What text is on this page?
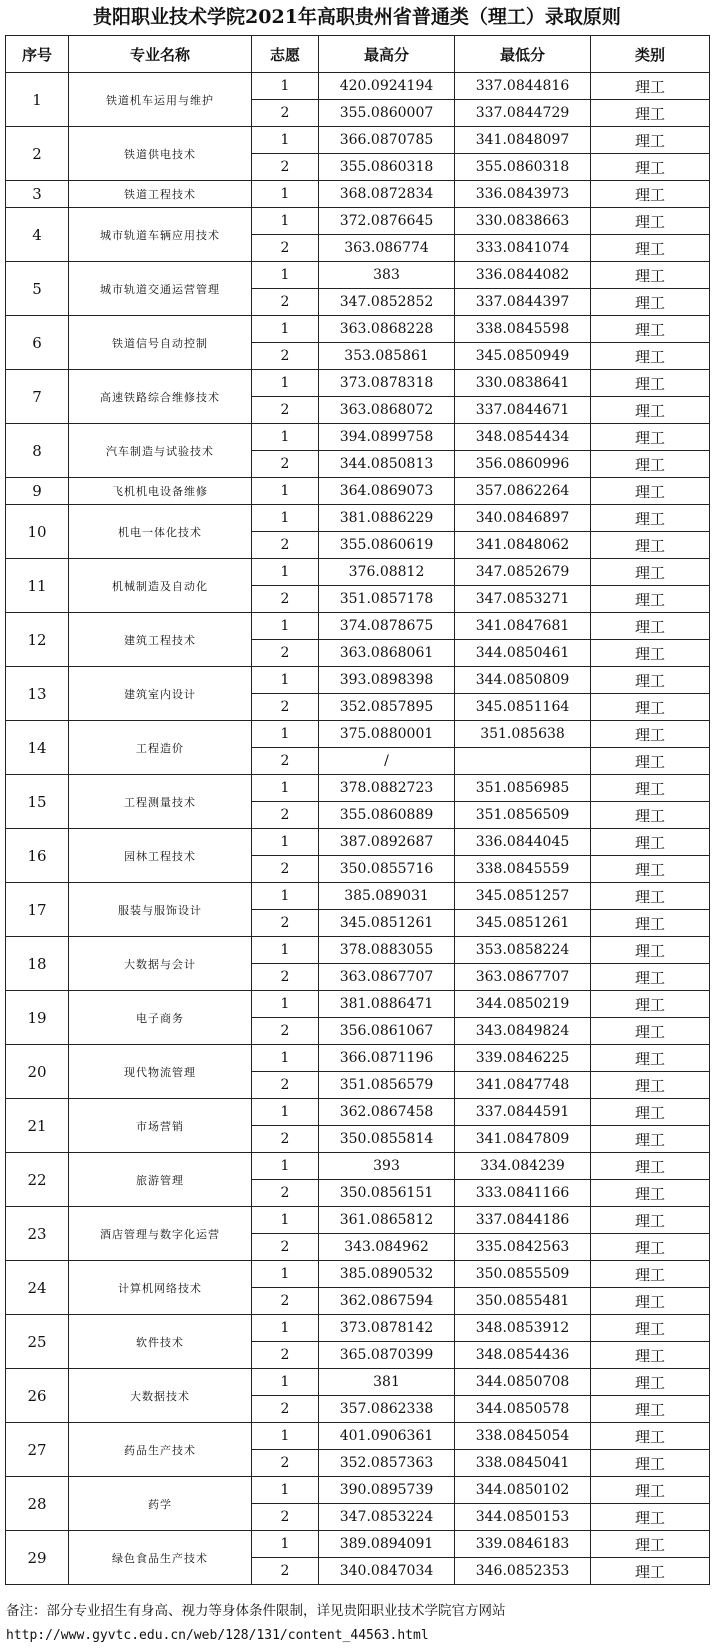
贵阳职业技术学院2021年高职贵州省普通类（理工）录取原则
序号	专业名称	志愿	最高分	最低分	类别
1	铁道机车运用与维护	1	420.0924194	337.0844816	理工
		2	355.0860007	337.0844729	理工
2	铁道供电技术	1	366.0870785	341.0848097	理工
		2	355.0860318	355.0860318	理工
3	铁道工程技术	1	368.0872834	336.0843973	理工
4	城市轨道车辆应用技术	1	372.0876645	330.0838663	理工
		2	363.086774	333.0841074	理工
5	城市轨道交通运营管理	1	383	336.0844082	理工
		2	347.0852852	337.0844397	理工
6	铁道信号自动控制	1	363.0868228	338.0845598	理工
		2	353.085861	345.0850949	理工
7	高速铁路综合维修技术	1	373.0878318	330.0838641	理工
		2	363.0868072	337.0844671	理工
8	汽车制造与试验技术	1	394.0899758	348.0854434	理工
		2	344.0850813	356.0860996	理工
9	飞机机电设备维修	1	364.0869073	357.0862264	理工
10	机电一体化技术	1	381.0886229	340.0846897	理工
		2	355.0860619	341.0848062	理工
11	机械制造及自动化	1	376.08812	347.0852679	理工
		2	351.0857178	347.0853271	理工
12	建筑工程技术	1	374.0878675	341.0847681	理工
		2	363.0868061	344.0850461	理工
13	建筑室内设计	1	393.0898398	344.0850809	理工
		2	352.0857895	345.0851164	理工
14	工程造价	1	375.0880001	351.085638	理工
		2	/		理工
15	工程测量技术	1	378.0882723	351.0856985	理工
		2	355.0860889	351.0856509	理工
16	园林工程技术	1	387.0892687	336.0844045	理工
		2	350.0855716	338.0845559	理工
17	服装与服饰设计	1	385.089031	345.0851257	理工
		2	345.0851261	345.0851261	理工
18	大数据与会计	1	378.0883055	353.0858224	理工
		2	363.0867707	363.0867707	理工
19	电子商务	1	381.0886471	344.0850219	理工
		2	356.0861067	343.0849824	理工
20	现代物流管理	1	366.0871196	339.0846225	理工
		2	351.0856579	341.0847748	理工
21	市场营销	1	362.0867458	337.0844591	理工
		2	350.0855814	341.0847809	理工
22	旅游管理	1	393	334.084239	理工
		2	350.0856151	333.0841166	理工
23	酒店管理与数字化运营	1	361.0865812	337.0844186	理工
		2	343.084962	335.0842563	理工
24	计算机网络技术	1	385.0890532	350.0855509	理工
		2	362.0867594	350.0855481	理工
25	软件技术	1	373.0878142	348.0853912	理工
		2	365.0870399	348.0854436	理工
26	大数据技术	1	381	344.0850708	理工
		2	357.0862338	344.0850578	理工
27	药品生产技术	1	401.0906361	338.0845054	理工
		2	352.0857363	338.0845041	理工
28	药学	1	390.0895739	344.0850102	理工
		2	347.0853224	344.0850153	理工
29	绿色食品生产技术	1	389.0894091	339.0846183	理工
		2	340.0847034	346.0852353	理工
备注：部分专业招生有身高、视力等身体条件限制，详见贵阳职业技术学院官方网站
http://www.gyvtc.edu.cn/web/128/131/content_44563.html
